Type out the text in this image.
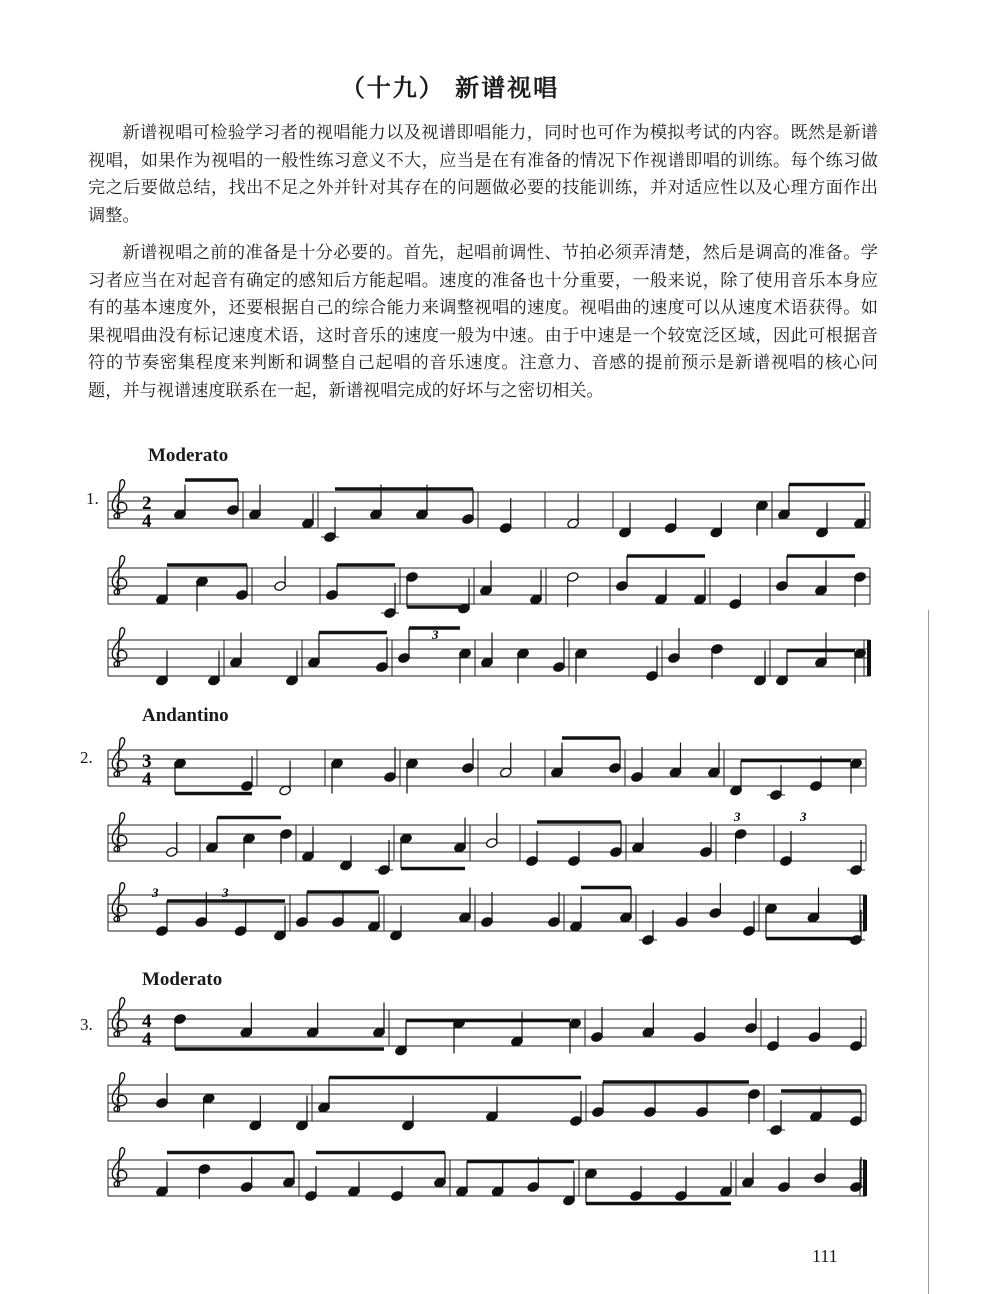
（十九） 新谱视唱

新谱视唱可检验学习者的视唱能力以及视谱即唱能力，同时也可作为模拟考试的内容。既然是新谱视唱，如果作为视唱的一般性练习意义不大，应当是在有准备的情况下作视谱即唱的训练。每个练习做完之后要做总结，找出不足之外并针对其存在的问题做必要的技能训练，并对适应性以及心理方面作出调整。

新谱视唱之前的准备是十分必要的。首先，起唱前调性、节拍必须弄清楚，然后是调高的准备。学习者应当在对起音有确定的感知后方能起唱。速度的准备也十分重要，一般来说，除了使用音乐本身应有的基本速度外，还要根据自己的综合能力来调整视唱的速度。视唱曲的速度可以从速度术语获得。如果视唱曲没有标记速度术语，这时音乐的速度一般为中速。由于中速是一个较宽泛区域，因此可根据音符的节奏密集程度来判断和调整自己起唱的音乐速度。注意力、音感的提前预示是新谱视唱的核心问题，并与视谱速度联系在一起，新谱视唱完成的好坏与之密切相关。

Moderato
1.
Andantino
2.
Moderato
3.
2
4
3
4
4
4
3
3	3
3	3
111
